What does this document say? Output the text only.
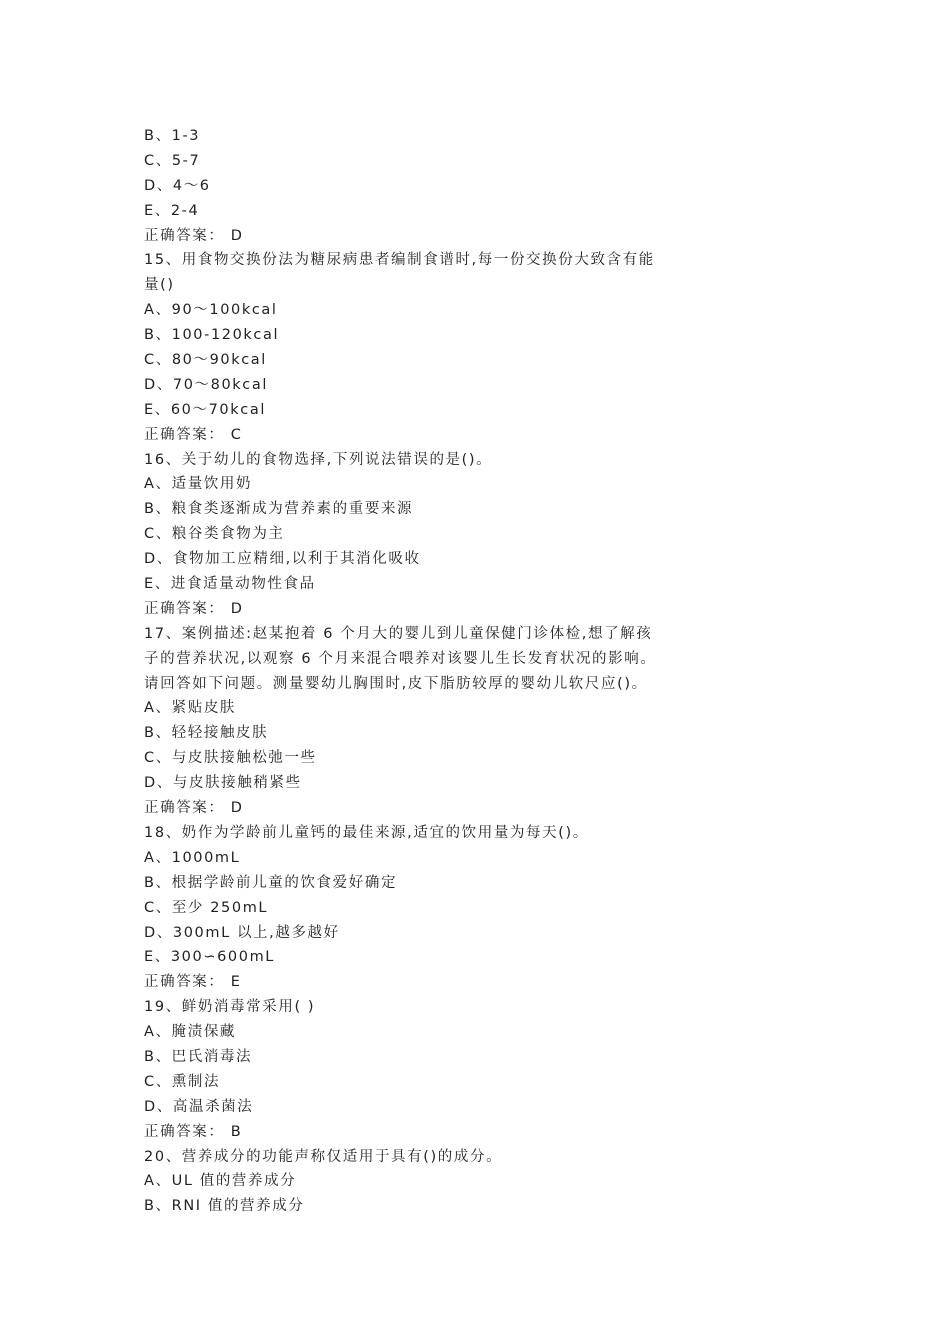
B、1-3
C、5-7
D、4～6
E、2-4
正确答案： D
15、用食物交换份法为糖尿病患者编制食谱时,每一份交换份大致含有能
量()
A、90～100kcal
B、100-120kcal
C、80～90kcal
D、70～80kcal
E、60～70kcal
正确答案： C
16、关于幼儿的食物选择,下列说法错误的是()。
A、适量饮用奶
B、粮食类逐渐成为营养素的重要来源
C、粮谷类食物为主
D、食物加工应精细,以利于其消化吸收
E、进食适量动物性食品
正确答案： D
17、案例描述:赵某抱着 6 个月大的婴儿到儿童保健门诊体检,想了解孩
子的营养状况,以观察 6 个月来混合喂养对该婴儿生长发育状况的影响。
请回答如下问题。测量婴幼儿胸围时,皮下脂肪较厚的婴幼儿软尺应()。
A、紧贴皮肤
B、轻轻接触皮肤
C、与皮肤接触松弛一些
D、与皮肤接触稍紧些
正确答案： D
18、奶作为学龄前儿童钙的最佳来源,适宜的饮用量为每天()。
A、1000mL
B、根据学龄前儿童的饮食爱好确定
C、至少 250mL
D、300mL 以上,越多越好
E、300∽600mL
正确答案： E
19、鲜奶消毒常采用( )
A、腌渍保藏
B、巴氏消毒法
C、熏制法
D、高温杀菌法
正确答案： B
20、营养成分的功能声称仅适用于具有()的成分。
A、UL 值的营养成分
B、RNI 值的营养成分
